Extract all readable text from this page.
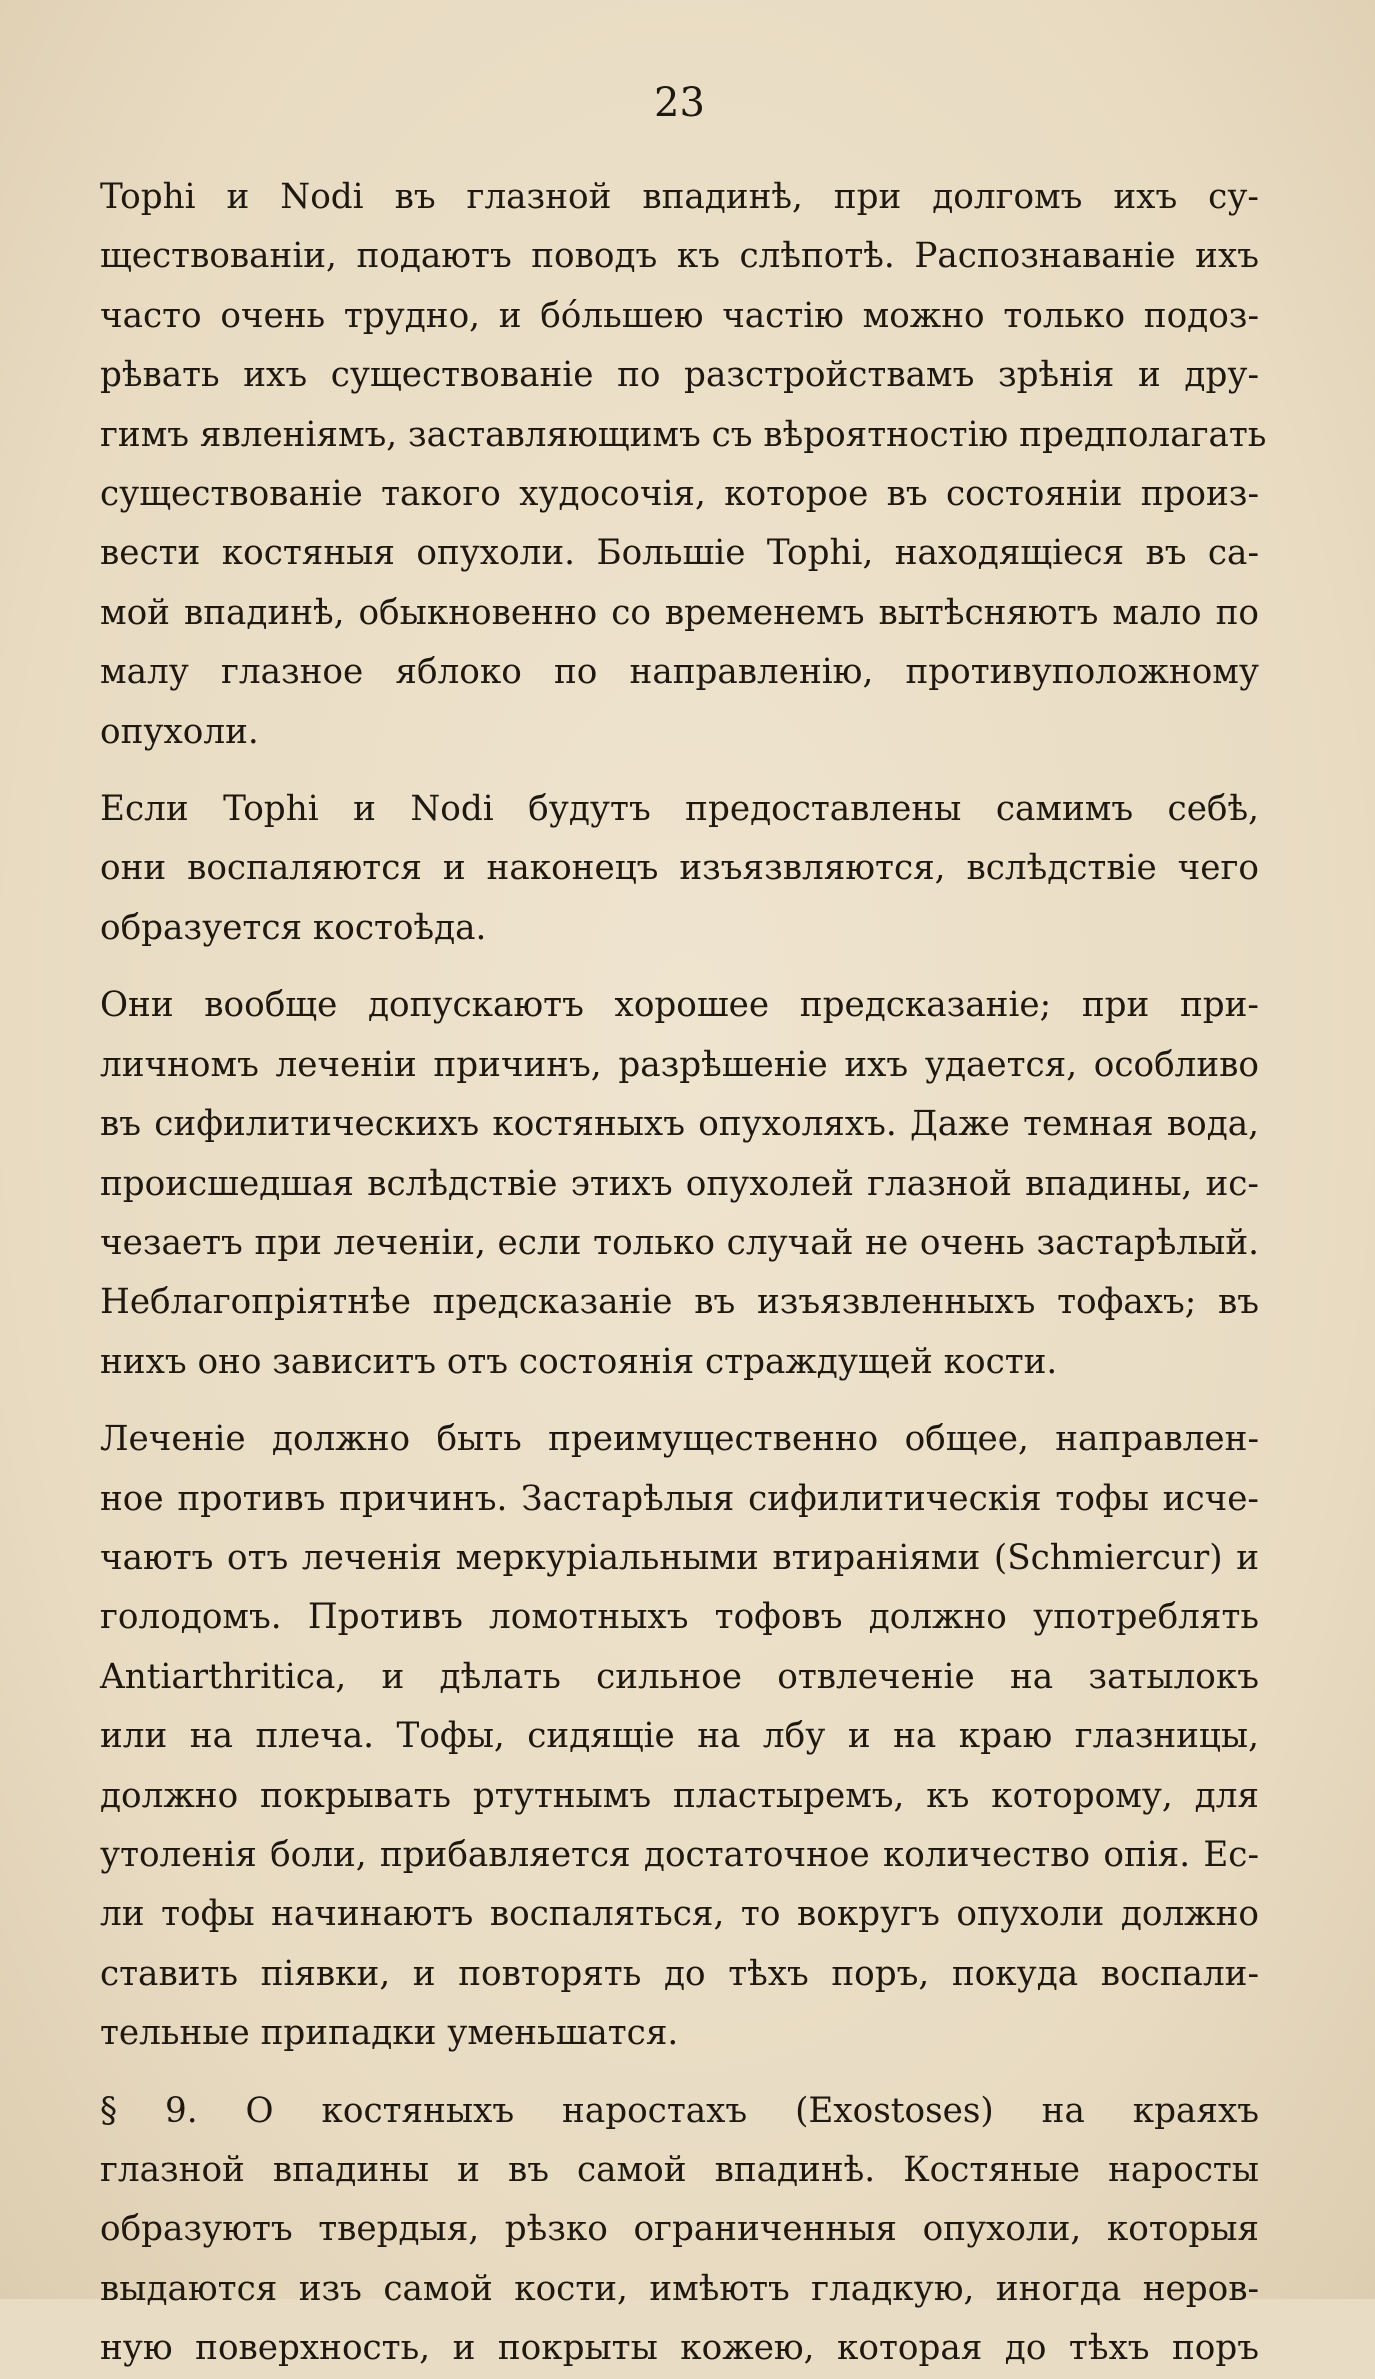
23
Tophi и Nodi въ глазной впадинѣ, при долгомъ ихъ су-
ществованіи, подаютъ поводъ къ слѣпотѣ. Распознаваніе ихъ
часто очень трудно, и бо́льшею частію можно только подоз-
рѣвать ихъ существованіе по разстройствамъ зрѣнія и дру-
гимъ явленіямъ, заставляющимъ съ вѣроятностію предполагать
существованіе такого худосочія, которое въ состояніи произ-
вести костяныя опухоли. Большіе Tophi, находящіеся въ са-
мой впадинѣ, обыкновенно со временемъ вытѣсняютъ мало по
малу глазное яблоко по направленію, противуположному
опухоли.
Если Tophi и Nodi будутъ предоставлены самимъ себѣ,
они воспаляются и наконецъ изъязвляются, вслѣдствіе чего
образуется костоѣда.
Они вообще допускаютъ хорошее предсказаніе; при при-
личномъ леченіи причинъ, разрѣшеніе ихъ удается, особливо
въ сифилитическихъ костяныхъ опухоляхъ. Даже темная вода,
происшедшая вслѣдствіе этихъ опухолей глазной впадины, ис-
чезаетъ при леченіи, если только случай не очень застарѣлый.
Неблагопріятнѣе предсказаніе въ изъязвленныхъ тофахъ; въ
нихъ оно зависитъ отъ состоянія страждущей кости.
Леченіе должно быть преимущественно общее, направлен-
ное противъ причинъ. Застарѣлыя сифилитическія тофы исче-
чаютъ отъ леченія меркуріальными втираніями (Schmiercur) и
голодомъ. Противъ ломотныхъ тофовъ должно употреблять
Antiarthritica, и дѣлать сильное отвлеченіе на затылокъ
или на плеча. Тофы, сидящіе на лбу и на краю глазницы,
должно покрывать ртутнымъ пластыремъ, къ которому, для
утоленія боли, прибавляется достаточное количество опія. Ес-
ли тофы начинаютъ воспаляться, то вокругъ опухоли должно
ставить піявки, и повторять до тѣхъ поръ, покуда воспали-
тельные припадки уменьшатся.
§ 9. О костяныхъ наростахъ (Exostoses) на краяхъ
глазной впадины и въ самой впадинѣ. Костяные наросты
образуютъ твердыя, рѣзко ограниченныя опухоли, которыя
выдаются изъ самой кости, имѣютъ гладкую, иногда неров-
ную поверхность, и покрыты кожею, которая до тѣхъ поръ
